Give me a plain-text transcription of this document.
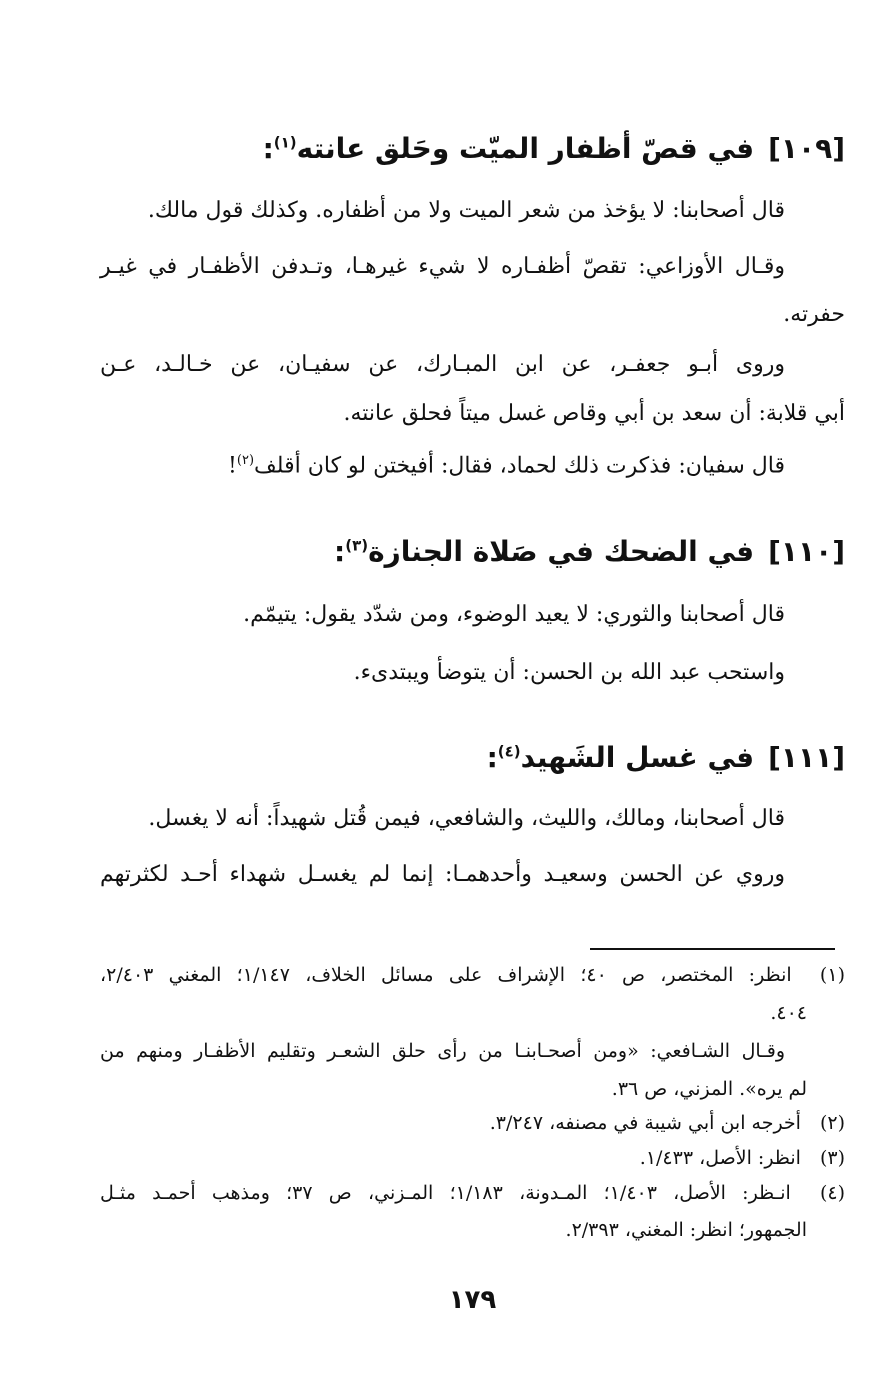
[١٠٩]في قصّ أظفار الميّت وحَلق عانته$^{(١)}$:
قال أصحابنا: لا يؤخذ من شعر الميت ولا من أظفاره. وكذلك قول مالك.
وقـال الأوزاعي: تقصّ أظفـاره لا شيء غيرهـا، وتـدفن الأظفـار في غيـر
حفرته.
وروى أبـو جعفـر، عن ابن المبـارك، عن سفيـان، عن خـالـد، عـن
أبي قلابة: أن سعد بن أبي وقاص غسل ميتاً فحلق عانته.
قال سفيان: فذكرت ذلك لحماد، فقال: أفيختن لو كان أقلف$^{(٢)}$!
[١١٠]في الضحك في صَلاة الجنازة$^{(٣)}$:
قال أصحابنا والثوري: لا يعيد الوضوء، ومن شدّد يقول: يتيمّم.
واستحب عبد الله بن الحسن: أن يتوضأ ويبتدىء.
[١١١]في غسل الشَهيد$^{(٤)}$:
قال أصحابنا، ومالك، والليث، والشافعي، فيمن قُتل شهيداً: أنه لا يغسل.
وروي عن الحسن وسعيـد وأحدهمـا: إنما لم يغسـل شهداء أحـد لكثرتهم
(١) انظر: المختصر، ص ٤٠؛ الإشراف على مسائل الخلاف، ١/١٤٧؛ المغني ٢/٤٠٣،
٤٠٤.
وقـال الشـافعي: «ومن أصحـابنـا من رأى حلق الشعـر وتقليم الأظفـار ومنهم من
لم يره». المزني، ص ٣٦.
(٢) أخرجه ابن أبي شيبة في مصنفه، ٣/٢٤٧.
(٣) انظر: الأصل، ١/٤٣٣.
(٤) انـظر: الأصل، ١/٤٠٣؛ المـدونة، ١/١٨٣؛ المـزني، ص ٣٧؛ ومذهب أحمـد مثـل
الجمهور؛ انظر: المغني، ٢/٣٩٣.
١٧٩
